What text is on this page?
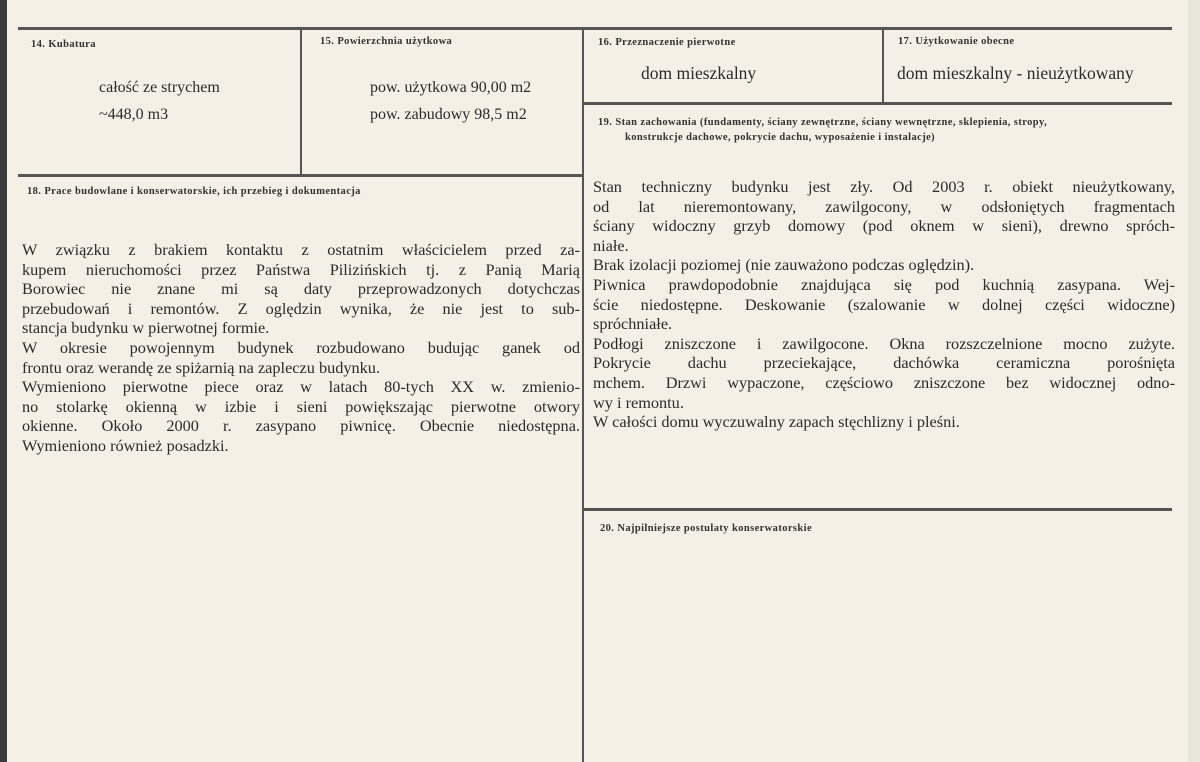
14. Kubatura
całość ze strychem
~448,0 m3
15. Powierzchnia użytkowa
pow. użytkowa 90,00 m2
pow. zabudowy 98,5 m2
16. Przeznaczenie pierwotne
dom mieszkalny
17. Użytkowanie obecne
dom mieszkalny - nieużytkowany
18. Prace budowlane i konserwatorskie, ich przebieg i dokumentacja
W związku z brakiem kontaktu z ostatnim właścicielem przed za-
kupem nieruchomości przez Państwa Pilizińskich tj. z Panią Marią
Borowiec nie znane mi są daty przeprowadzonych dotychczas
przebudowań i remontów. Z oględzin wynika, że nie jest to sub-
stancja budynku w pierwotnej formie.
W okresie powojennym budynek rozbudowano budując ganek od
frontu oraz werandę ze spiżarnią na zapleczu budynku.
Wymieniono pierwotne piece oraz w latach 80-tych XX w. zmienio-
no stolarkę okienną w izbie i sieni powiększając pierwotne otwory
okienne. Około 2000 r. zasypano piwnicę. Obecnie niedostępna.
Wymieniono również posadzki.
19. Stan zachowania (fundamenty, ściany zewnętrzne, ściany wewnętrzne, sklepienia, stropy,
konstrukcje dachowe, pokrycie dachu, wyposażenie i instalacje)
Stan techniczny budynku jest zły. Od 2003 r. obiekt nieużytkowany,
od lat nieremontowany, zawilgocony, w odsłoniętych fragmentach
ściany widoczny grzyb domowy (pod oknem w sieni), drewno spróch-
niałe.
Brak izolacji poziomej (nie zauważono podczas oględzin).
Piwnica prawdopodobnie znajdująca się pod kuchnią zasypana. Wej-
ście niedostępne. Deskowanie (szalowanie w dolnej części widoczne)
spróchniałe.
Podłogi zniszczone i zawilgocone. Okna rozszczelnione mocno zużyte.
Pokrycie dachu przeciekające, dachówka ceramiczna porośnięta
mchem. Drzwi wypaczone, częściowo zniszczone bez widocznej odno-
wy i remontu.
W całości domu wyczuwalny zapach stęchlizny i pleśni.
20. Najpilniejsze postulaty konserwatorskie
